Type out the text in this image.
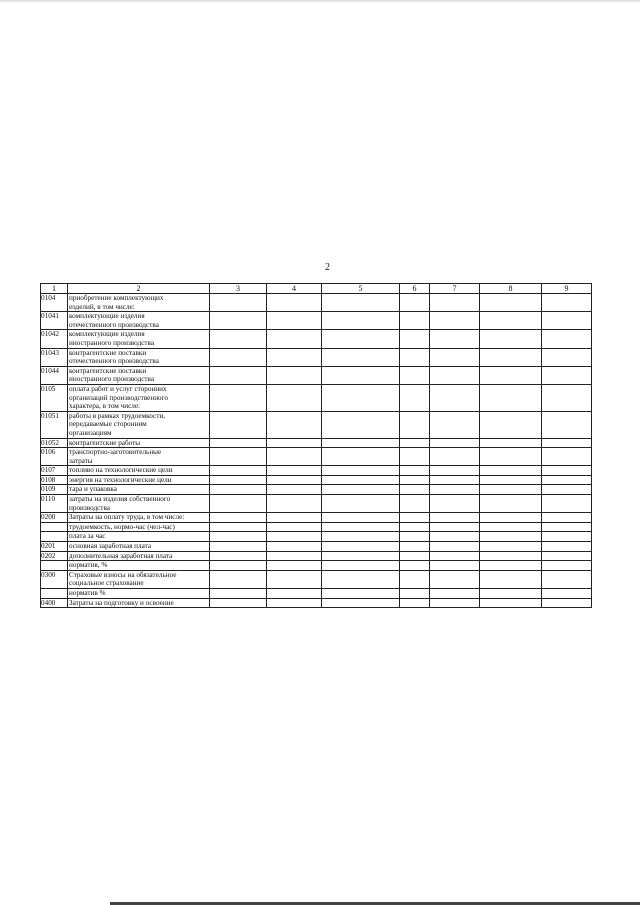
2
1	2	3	4	5	6	7	8	9
0104	приобретение комплектующих
изделий, в том числе:							
01041	комплектующие изделия
отечественного производства							
01042	комплектующие изделия
иностранного производства							
01043	контрагентские поставки
отечественного производства							
01044	контрагентские поставки
иностранного производства							
0105	оплата работ и услуг сторонних
организаций производственного
характера, в том числе:							
01051	работы в рамках трудоемкости,
передаваемые сторонним
организациям							
01052	контрагентские работы							
0106	транспортно-заготовительные
затраты							
0107	топливо на технологические цели							
0108	энергия на технологические цели							
0109	тара и упаковка							
0110	затраты на изделия собственного
производства							
0200	Затраты на оплату труда, в том числе:							
	трудоемкость, нормо-час (чел-час)							
	плата за час							
0201	основная заработная плата							
0202	дополнительная заработная плата							
	норматив, %							
0300	Страховые взносы на обязательное
социальное страхование							
	норматив %							
0400	Затраты на подготовку и освоение							
